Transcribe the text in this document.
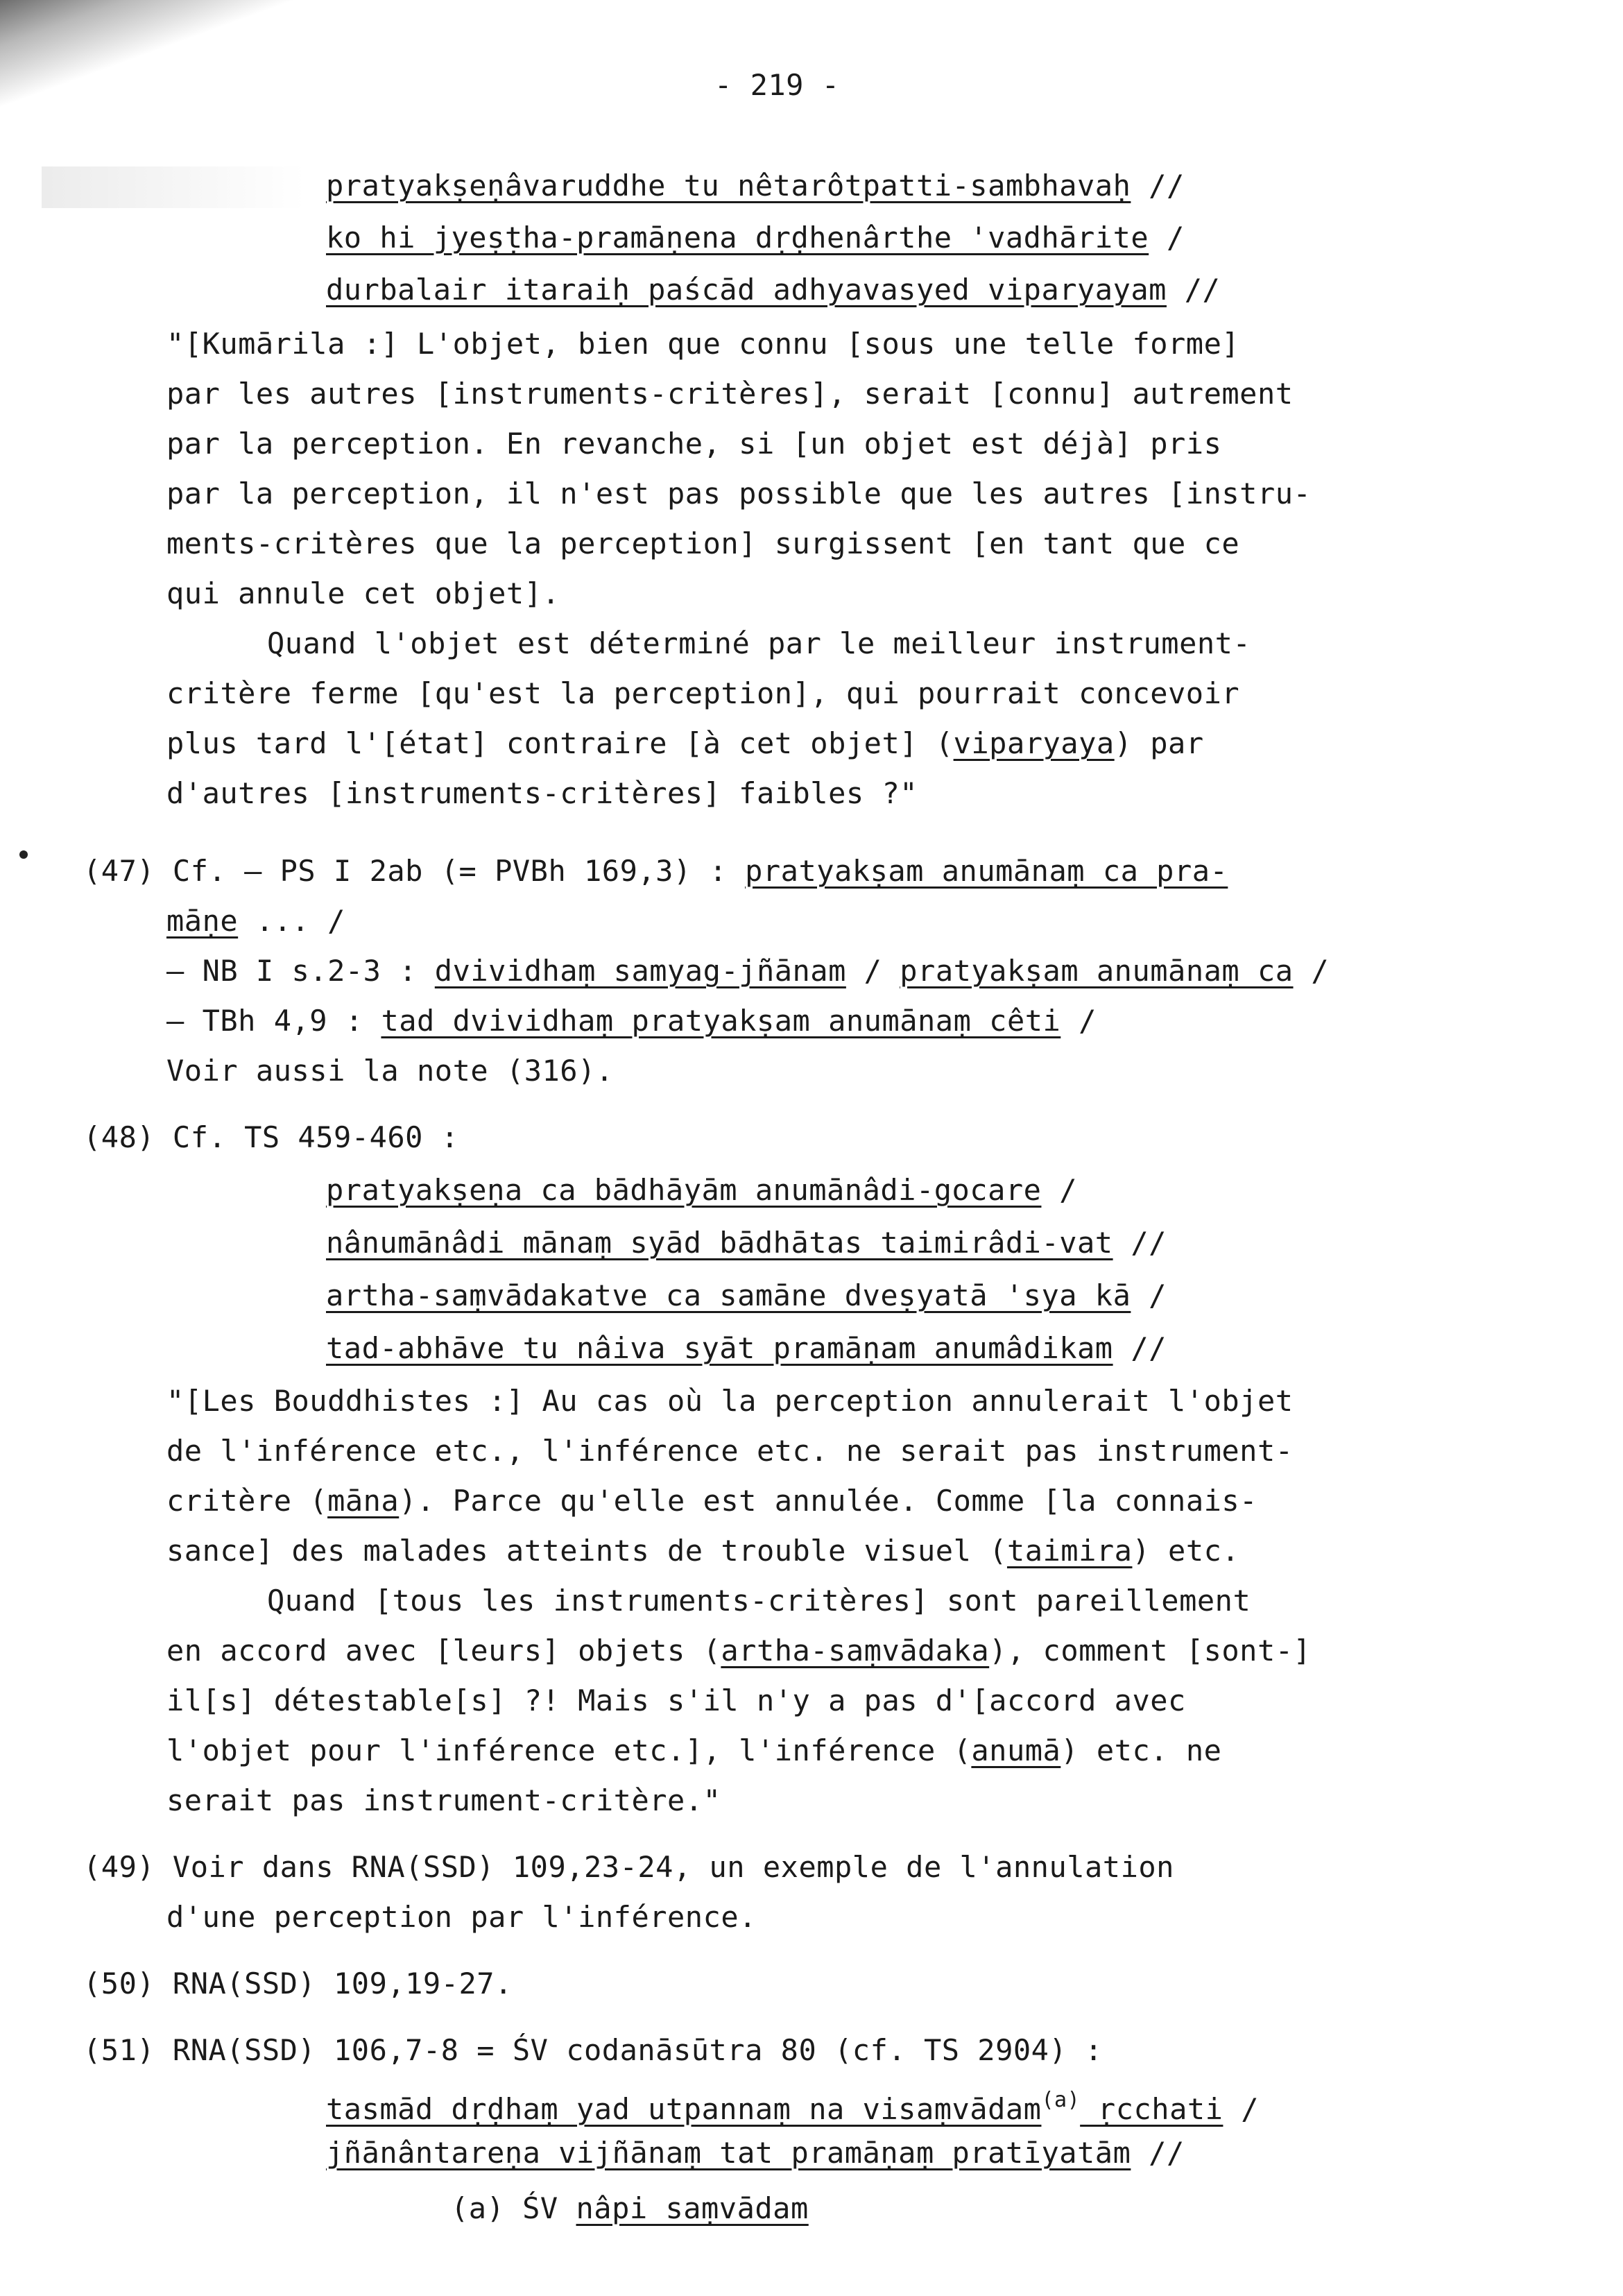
- 219 -
pratyakṣeṇâvaruddhe tu nêtarôtpatti-sambhavaḥ //
ko hi jyeṣṭha-pramāṇena dṛḍhenârthe 'vadhārite /
durbalair itaraiḥ paścād adhyavasyed viparyayam //
"[Kumārila :] L'objet, bien que connu [sous une telle forme]
par les autres [instruments-critères], serait [connu] autrement
par la perception. En revanche, si [un objet est déjà] pris
par la perception, il n'est pas possible que les autres [instru-
ments-critères que la perception] surgissent [en tant que ce
qui annule cet objet].
Quand l'objet est déterminé par le meilleur instrument-
critère ferme [qu'est la perception], qui pourrait concevoir
plus tard l'[état] contraire [à cet objet] (viparyaya) par
d'autres [instruments-critères] faibles ?"
(47) Cf. — PS I 2ab (= PVBh 169,3) : pratyakṣam anumānaṃ ca pra-
māṇe ... /
— NB I s.2-3 : dvividhaṃ samyag-jñānam / pratyakṣam anumānaṃ ca /
— TBh 4,9 : tad dvividhaṃ pratyakṣam anumānaṃ cêti /
Voir aussi la note (316).
(48) Cf. TS 459-460 :
pratyakṣeṇa ca bādhāyām anumānâdi-gocare /
nânumānâdi mānaṃ syād bādhātas taimirâdi-vat //
artha-saṃvādakatve ca samāne dveṣyatā 'sya kā /
tad-abhāve tu nâiva syāt pramāṇam anumâdikam //
"[Les Bouddhistes :] Au cas où la perception annulerait l'objet
de l'inférence etc., l'inférence etc. ne serait pas instrument-
critère (māna). Parce qu'elle est annulée. Comme [la connais-
sance] des malades atteints de trouble visuel (taimira) etc.
Quand [tous les instruments-critères] sont pareillement
en accord avec [leurs] objets (artha-saṃvādaka), comment [sont-]
il[s] détestable[s] ?! Mais s'il n'y a pas d'[accord avec
l'objet pour l'inférence etc.], l'inférence (anumā) etc. ne
serait pas instrument-critère."
(49) Voir dans RNA(SSD) 109,23-24, un exemple de l'annulation
d'une perception par l'inférence.
(50) RNA(SSD) 109,19-27.
(51) RNA(SSD) 106,7-8 = ŚV codanāsūtra 80 (cf. TS 2904) :
tasmād dṛḍhaṃ yad utpannaṃ na visaṃvādam$^{(a)}$ ṛcchati /
jñānântareṇa vijñānaṃ tat pramāṇaṃ pratīyatām //
(a) ŚV nâpi saṃvādam
